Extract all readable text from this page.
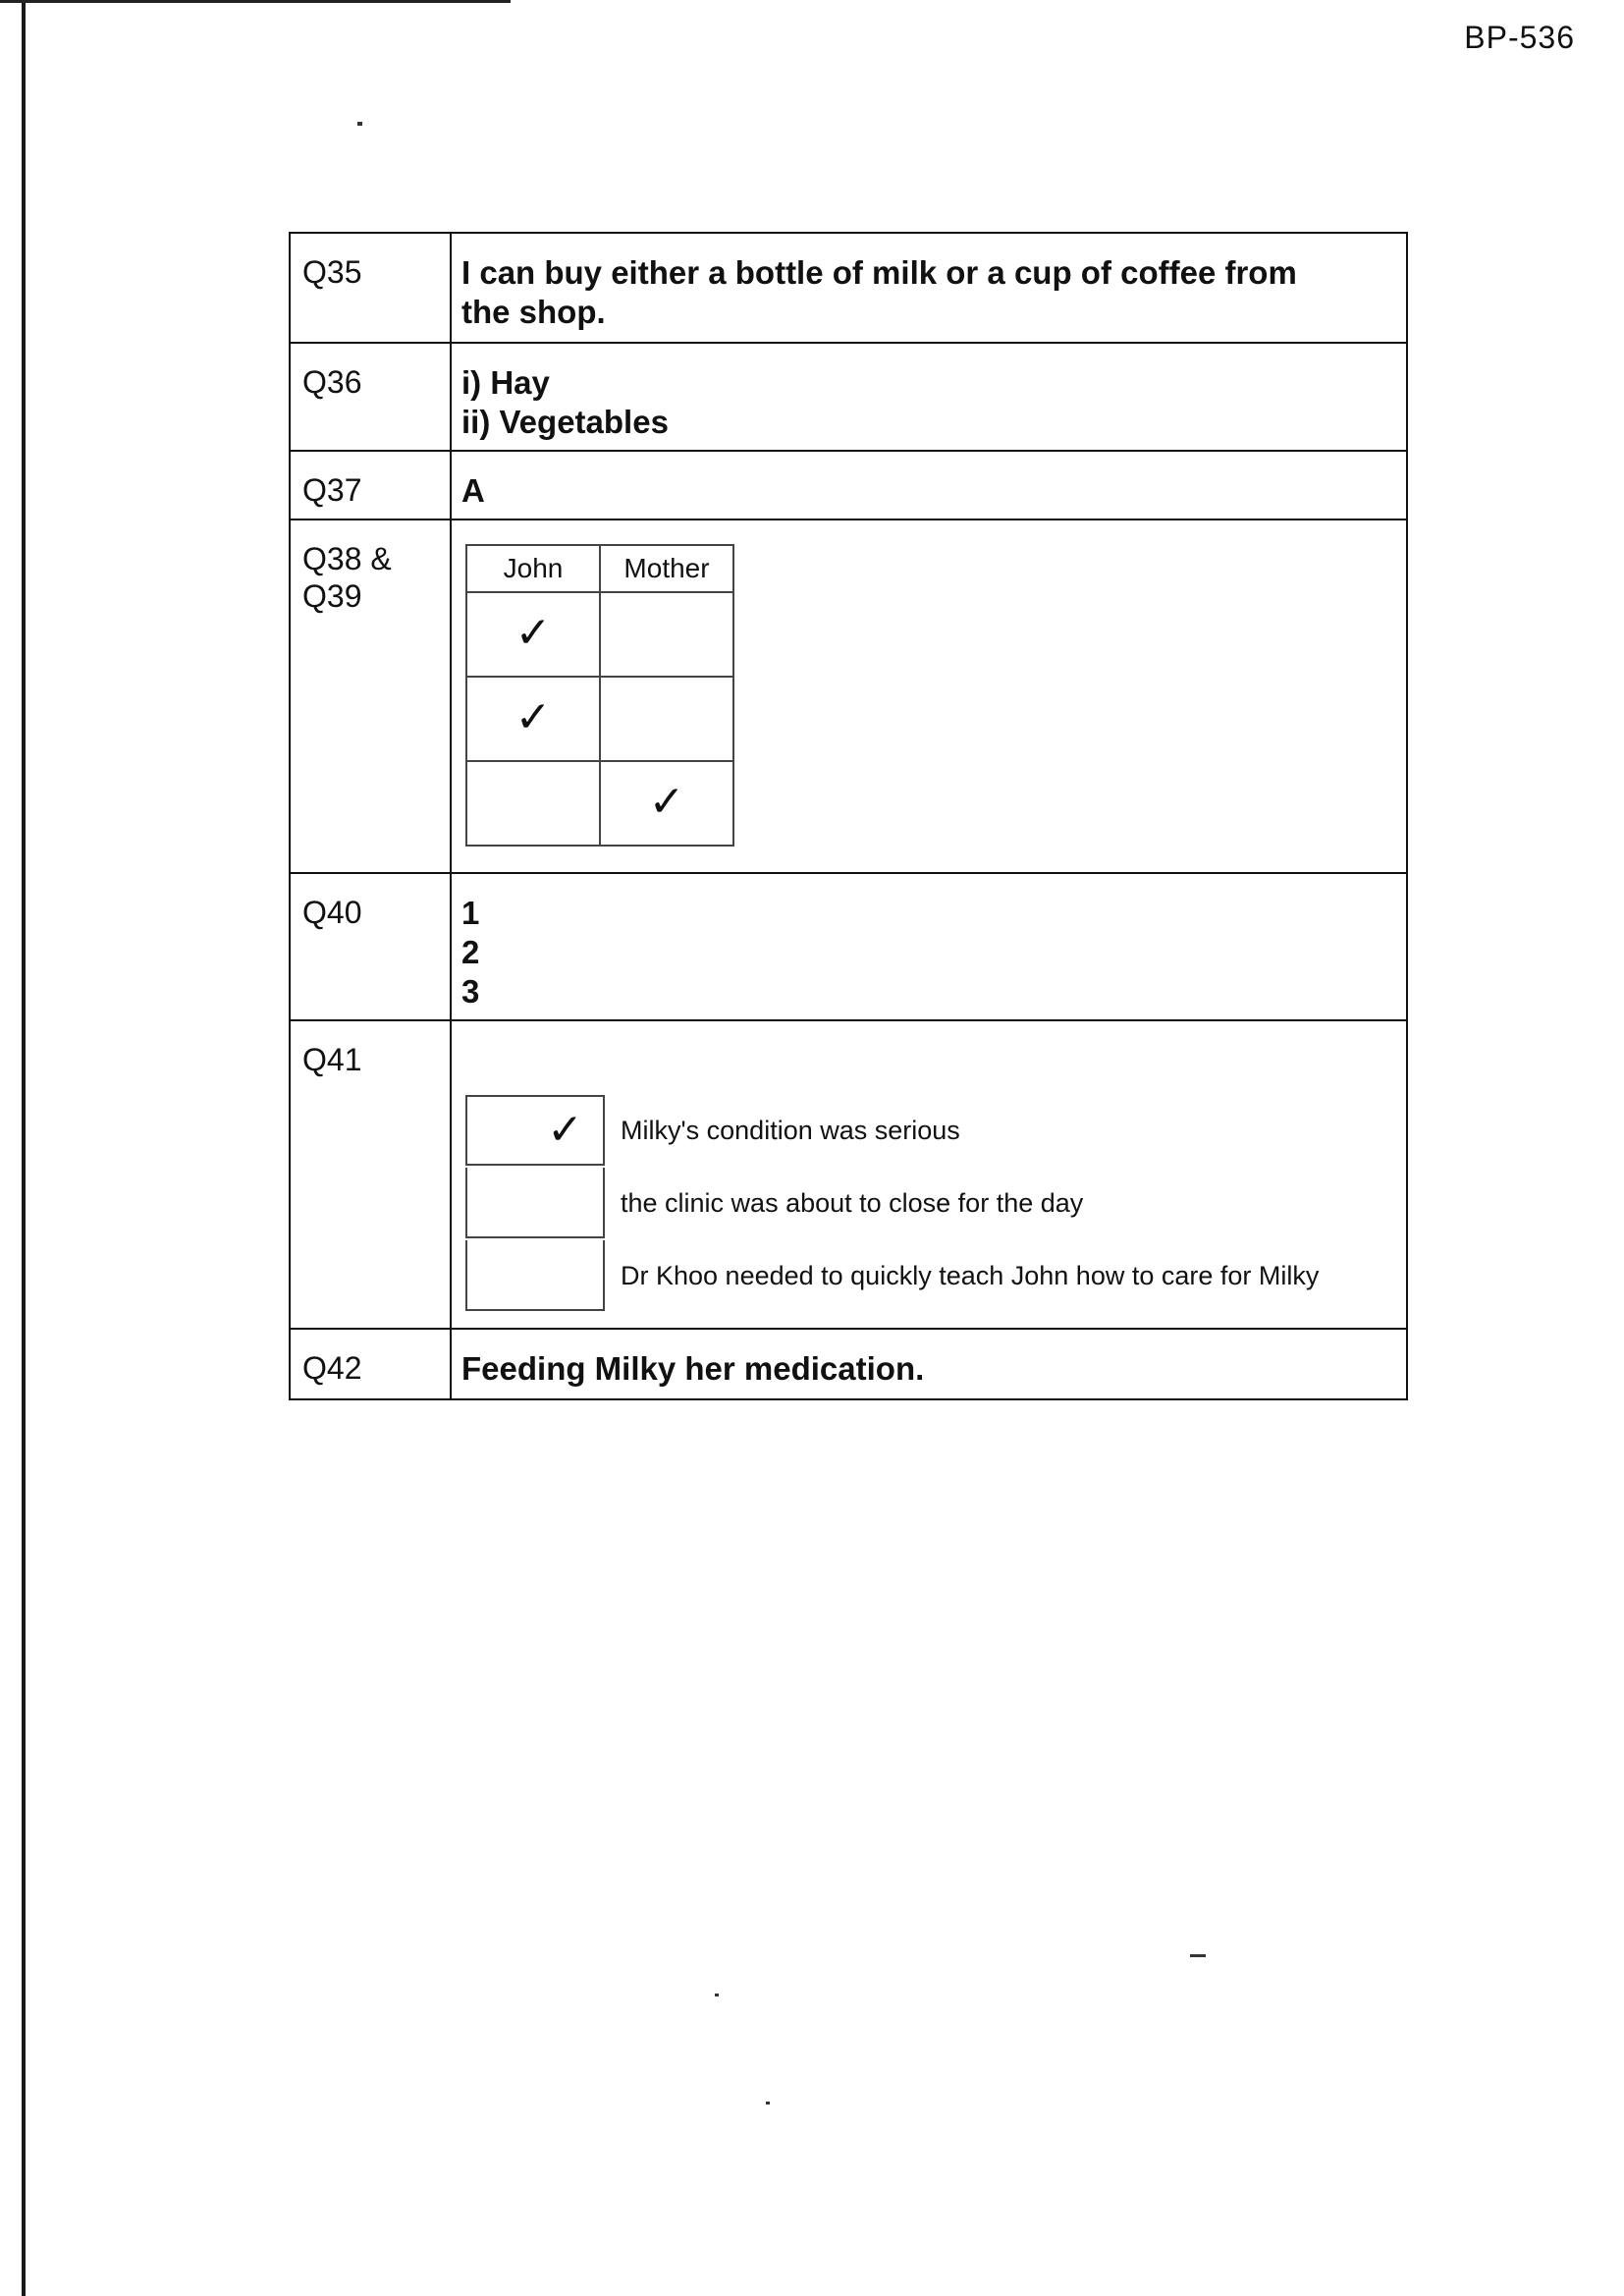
BP-536
Q35	I can buy either a bottle of milk or a cup of coffee from
the shop.

Q36	i) Hay
ii) Vegetables

Q37	A

Q38 &
Q39

John	Mother
✓	
✓	
	✓

Q40	1
2
3

Q41	
✓ Milky's condition was serious
the clinic was about to close for the day
Dr Khoo needed to quickly teach John how to care for Milky

Q42	Feeding Milky her medication.
